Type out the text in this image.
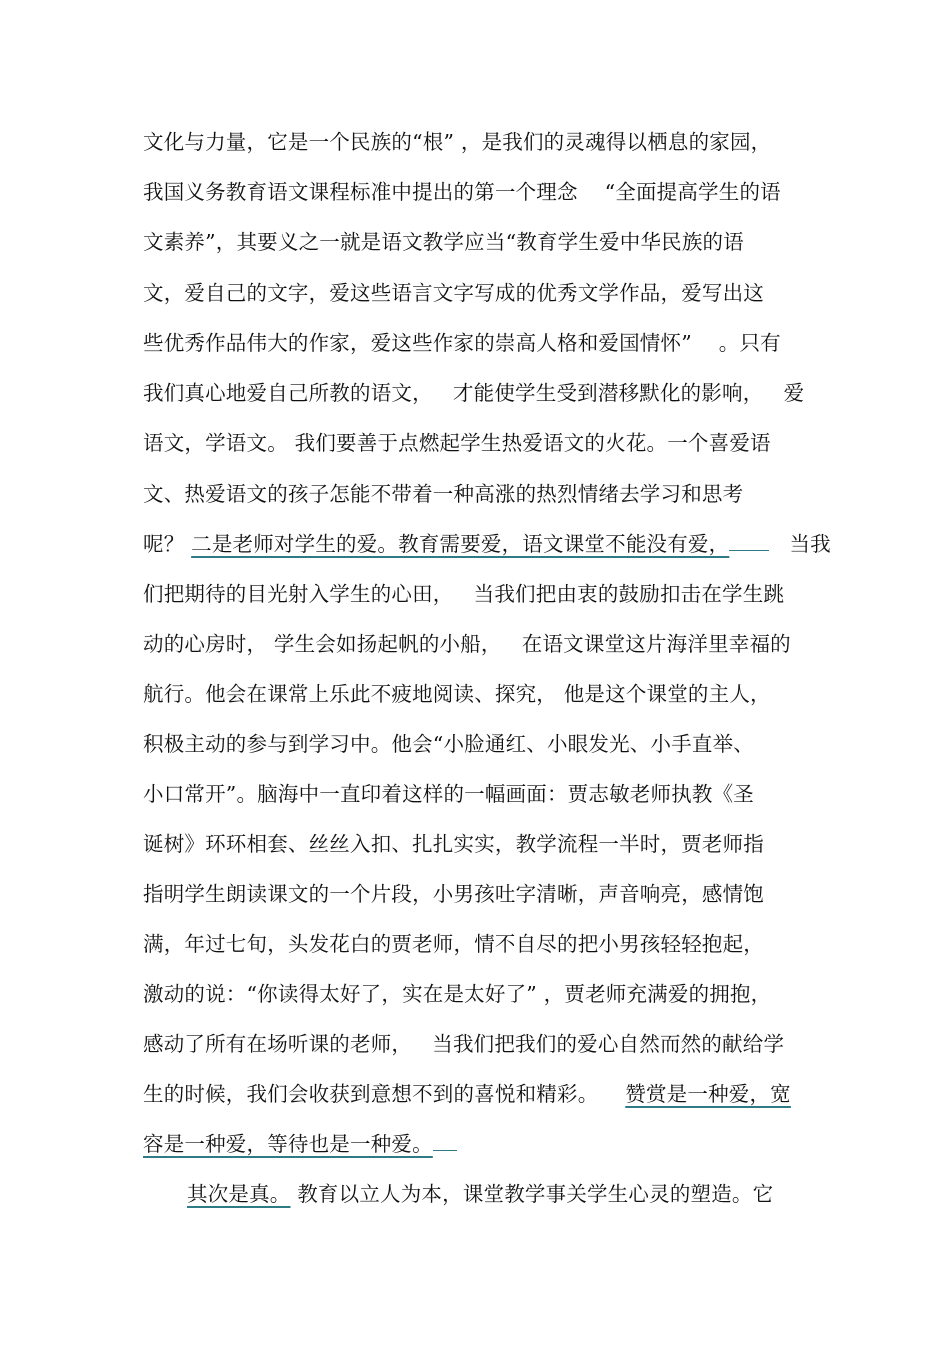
文化与力量，它是一个民族的“根” ，是我们的灵魂得以栖息的家园，
我国义务教育语文课程标准中提出的第一个理念    “全面提高学生的语
文素养”，其要义之一就是语文教学应当“教育学生爱中华民族的语
文，爱自己的文字，爱这些语言文字写成的优秀文学作品，爱写出这
些优秀作品伟大的作家，爱这些作家的崇高人格和爱国情怀”    。只有
我们真心地爱自己所教的语文，   才能使学生受到潜移默化的影响，   爱
语文，学语文。 我们要善于点燃起学生热爱语文的火花。一个喜爱语
文、热爱语文的孩子怎能不带着一种高涨的热烈情绪去学习和思考
呢？ 二是老师对学生的爱。教育需要爱，语文课堂不能没有爱，	当我
们把期待的目光射入学生的心田，   当我们把由衷的鼓励扣击在学生跳
动的心房时， 学生会如扬起帆的小船，   在语文课堂这片海洋里幸福的
航行。他会在课常上乐此不疲地阅读、探究， 他是这个课堂的主人，
积极主动的参与到学习中。他会“小脸通红、小眼发光、小手直举、
小口常开”。脑海中一直印着这样的一幅画面：贾志敏老师执教《圣
诞树》环环相套、丝丝入扣、扎扎实实，教学流程一半时，贾老师指
指明学生朗读课文的一个片段，小男孩吐字清晰，声音响亮，感情饱
满，年过七旬，头发花白的贾老师，情不自尽的把小男孩轻轻抱起，
激动的说：“你读得太好了，实在是太好了” ，贾老师充满爱的拥抱，
感动了所有在场听课的老师，   当我们把我们的爱心自然而然的献给学
生的时候，我们会收获到意想不到的喜悦和精彩。 赞赏是一种爱，宽
容是一种爱，等待也是一种爱。
其次是真。 教育以立人为本，课堂教学事关学生心灵的塑造。它
